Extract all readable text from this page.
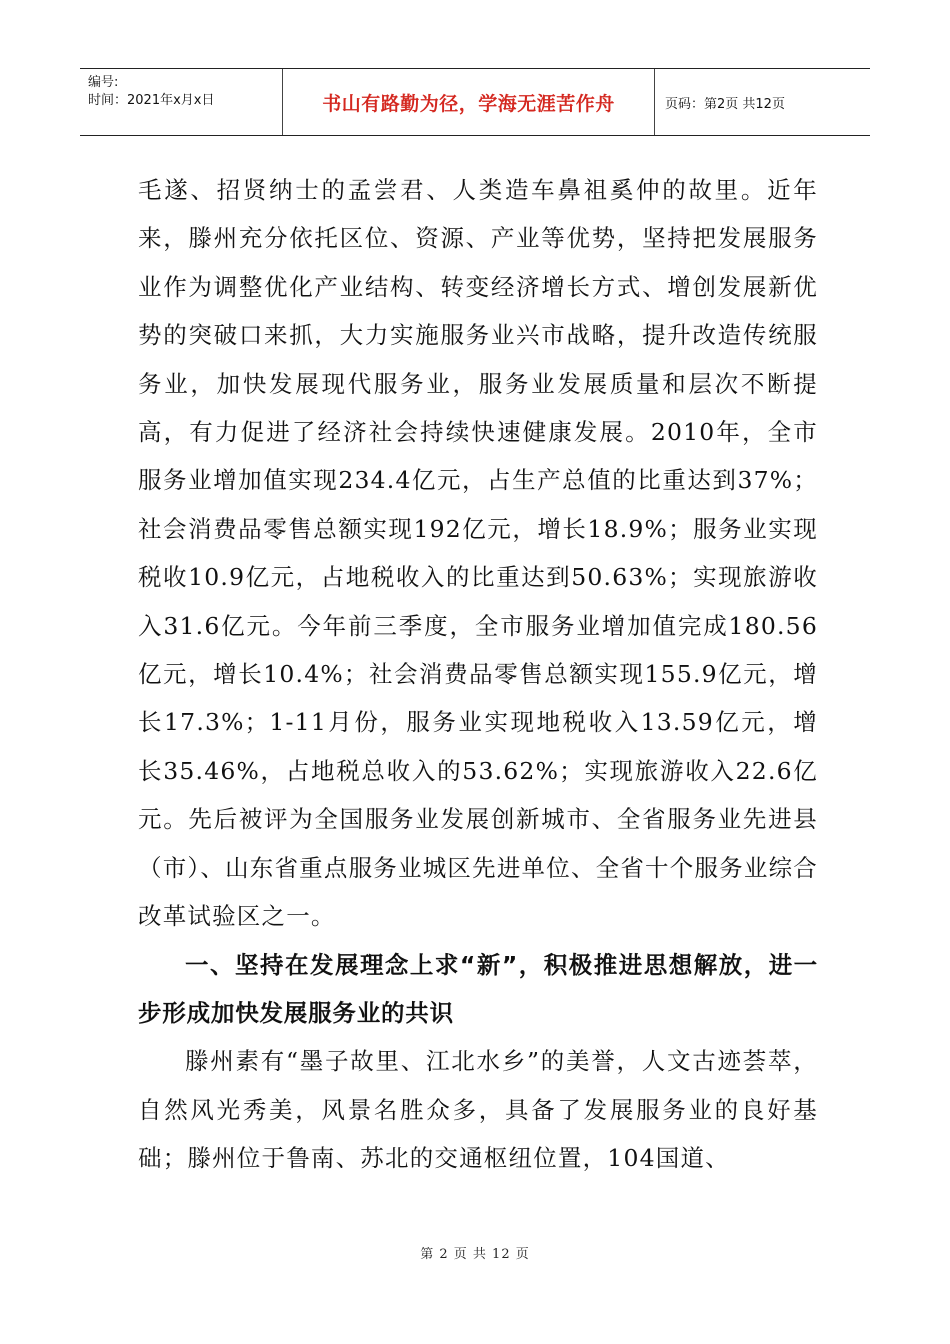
编号:
时间：2021年x月x日	书山有路勤为径，学海无涯苦作舟	页码：第2页 共12页

毛遂、招贤纳士的孟尝君、人类造车鼻祖奚仲的故里。近年来，滕州充分依托区位、资源、产业等优势，坚持把发展服务业作为调整优化产业结构、转变经济增长方式、增创发展新优势的突破口来抓，大力实施服务业兴市战略，提升改造传统服务业，加快发展现代服务业，服务业发展质量和层次不断提高，有力促进了经济社会持续快速健康发展。2010年，全市服务业增加值实现234.4亿元，占生产总值的比重达到37%；社会消费品零售总额实现192亿元，增长18.9%；服务业实现税收10.9亿元，占地税收入的比重达到50.63%；实现旅游收入31.6亿元。今年前三季度，全市服务业增加值完成180.56亿元，增长10.4%；社会消费品零售总额实现155.9亿元，增长17.3%；1-11月份，服务业实现地税收入13.59亿元，增长35.46%，占地税总收入的53.62%；实现旅游收入22.6亿元。先后被评为全国服务业发展创新城市、全省服务业先进县（市）、山东省重点服务业城区先进单位、全省十个服务业综合改革试验区之一。

一、坚持在发展理念上求“新”，积极推进思想解放，进一步形成加快发展服务业的共识

滕州素有“墨子故里、江北水乡”的美誉，人文古迹荟萃，自然风光秀美，风景名胜众多，具备了发展服务业的良好基础；滕州位于鲁南、苏北的交通枢纽位置，104国道、

第 2 页 共 12 页
